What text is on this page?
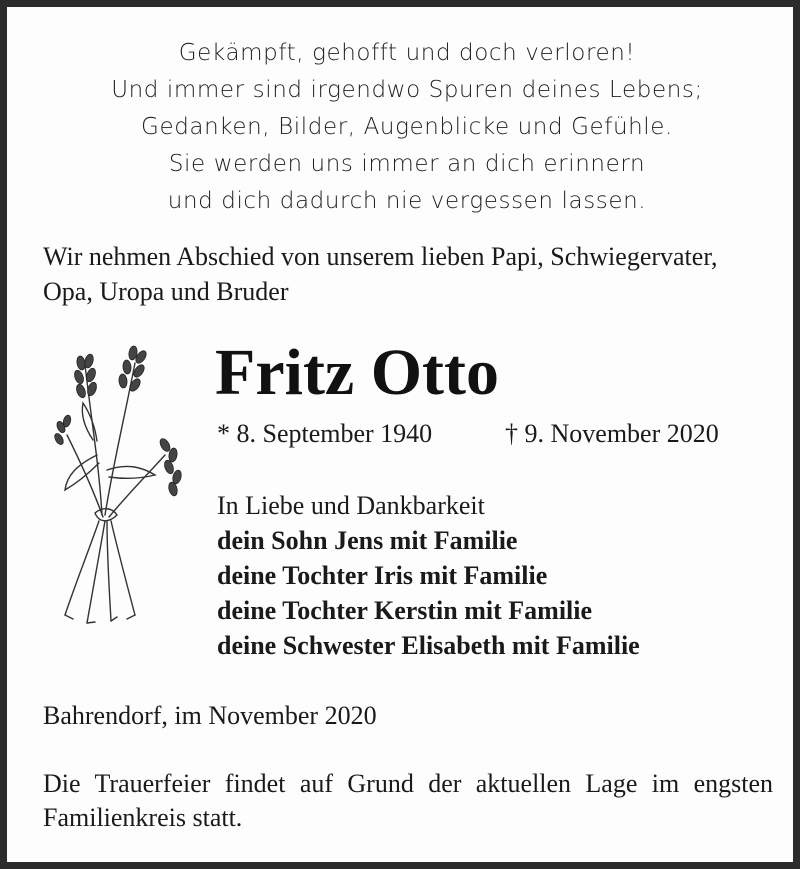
Gekämpft, gehofft und doch verloren!
Und immer sind irgendwo Spuren deines Lebens;
Gedanken, Bilder, Augenblicke und Gefühle.
Sie werden uns immer an dich erinnern
und dich dadurch nie vergessen lassen.
Wir nehmen Abschied von unserem lieben Papi, Schwiegervater, Opa, Uropa und Bruder
Fritz Otto
* 8. September 1940	† 9. November 2020
In Liebe und Dankbarkeit
dein Sohn Jens mit Familie
deine Tochter Iris mit Familie
deine Tochter Kerstin mit Familie
deine Schwester Elisabeth mit Familie
Bahrendorf, im November 2020
Die Trauerfeier findet auf Grund der aktuellen Lage im engsten Familienkreis statt.
